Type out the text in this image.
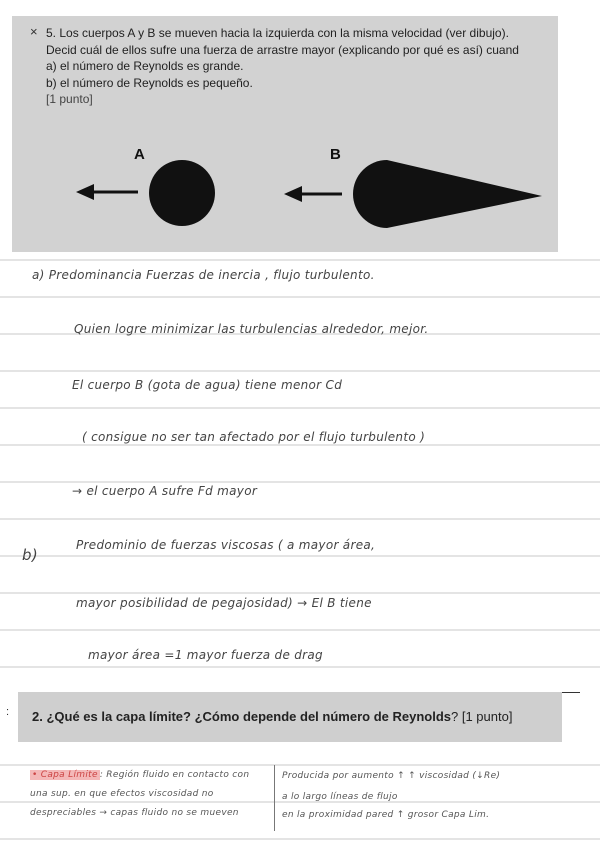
× 5. Los cuerpos A y B se mueven hacia la izquierda con la misma velocidad (ver dibujo).
Decid cuál de ellos sufre una fuerza de arrastre mayor (explicando por qué es así) cuand
a) el número de Reynolds es grande.
b) el número de Reynolds es pequeño.
[1 punto]
A	B
a) Predominancia Fuerzas de inercia , flujo turbulento.
Quien logre minimizar las turbulencias alrededor, mejor.
El cuerpo B (gota de agua) tiene menor Cd
( consigue no ser tan afectado por el flujo turbulento )
→ el cuerpo A sufre Fd mayor
b)
Predominio de fuerzas viscosas ( a mayor área,
mayor posibilidad de pegajosidad) → El B tiene
mayor área =1 mayor fuerza de drag
: 2. ¿Qué es la capa límite? ¿Cómo depende del número de Reynolds? [1 punto]
• Capa Límite : Región fluido en contacto con
una sup. en que efectos viscosidad no
despreciables → capas fluido no se mueven
Producida por aumento ↑ ↑ viscosidad (↓Re)
a lo largo líneas de flujo
en la proximidad pared ↑ grosor Capa Lim.
